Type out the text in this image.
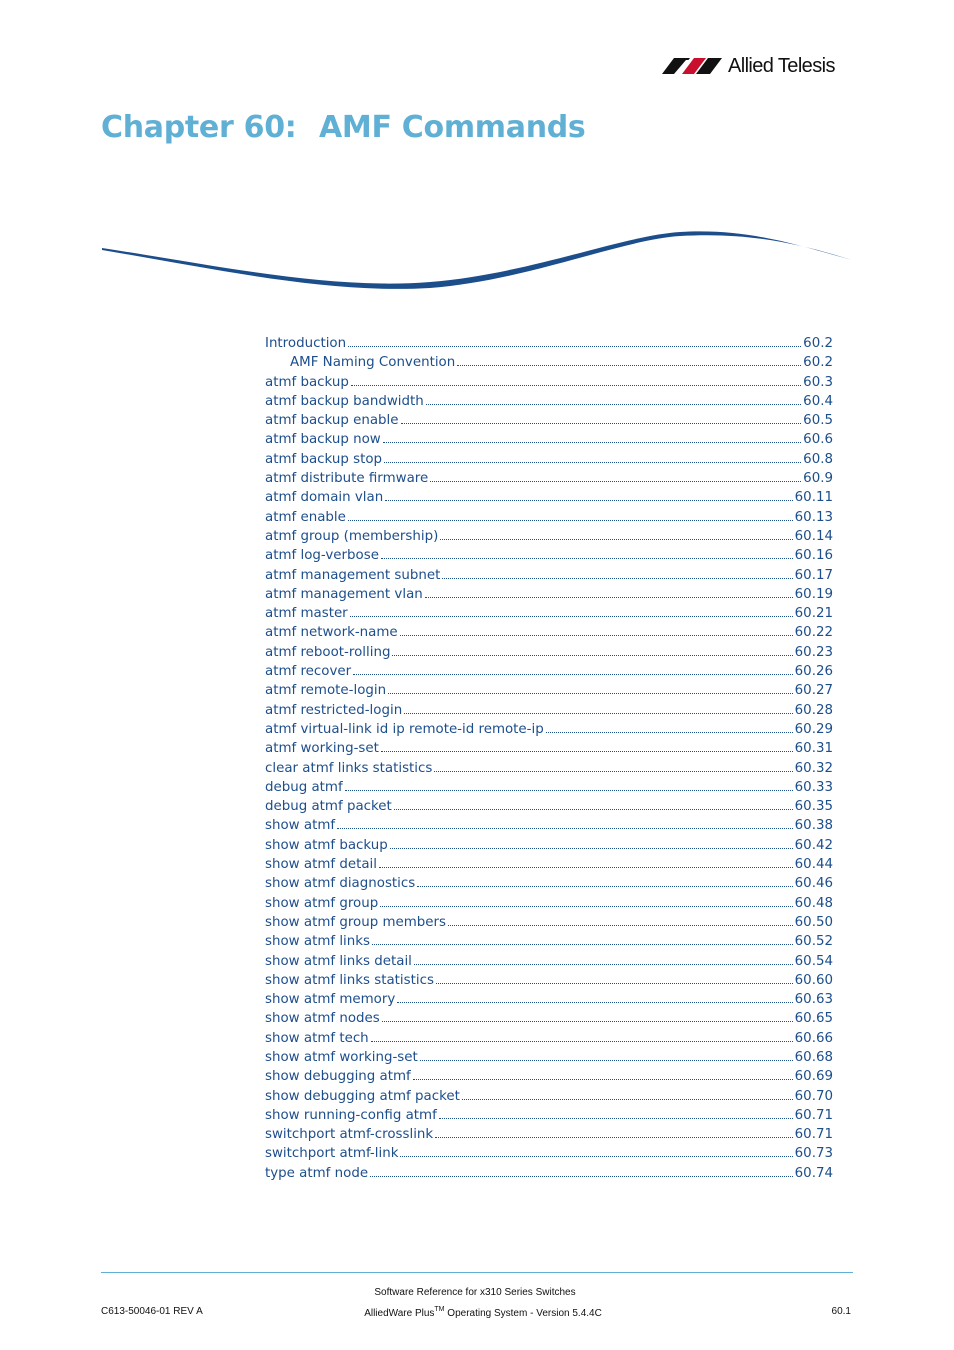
Allied Telesis
Chapter 60: AMF Commands
Introduction	60.2
AMF Naming Convention	60.2
atmf backup	60.3
atmf backup bandwidth	60.4
atmf backup enable	60.5
atmf backup now	60.6
atmf backup stop	60.8
atmf distribute firmware	60.9
atmf domain vlan	60.11
atmf enable	60.13
atmf group (membership)	60.14
atmf log-verbose	60.16
atmf management subnet	60.17
atmf management vlan	60.19
atmf master	60.21
atmf network-name	60.22
atmf reboot-rolling	60.23
atmf recover	60.26
atmf remote-login	60.27
atmf restricted-login	60.28
atmf virtual-link id ip remote-id remote-ip	60.29
atmf working-set	60.31
clear atmf links statistics	60.32
debug atmf	60.33
debug atmf packet	60.35
show atmf	60.38
show atmf backup	60.42
show atmf detail	60.44
show atmf diagnostics	60.46
show atmf group	60.48
show atmf group members	60.50
show atmf links	60.52
show atmf links detail	60.54
show atmf links statistics	60.60
show atmf memory	60.63
show atmf nodes	60.65
show atmf tech	60.66
show atmf working-set	60.68
show debugging atmf	60.69
show debugging atmf packet	60.70
show running-config atmf	60.71
switchport atmf-crosslink	60.71
switchport atmf-link	60.73
type atmf node	60.74
Software Reference for x310 Series Switches
AlliedWare Plus™ Operating System - Version 5.4.4C
C613-50046-01 REV A	60.1
